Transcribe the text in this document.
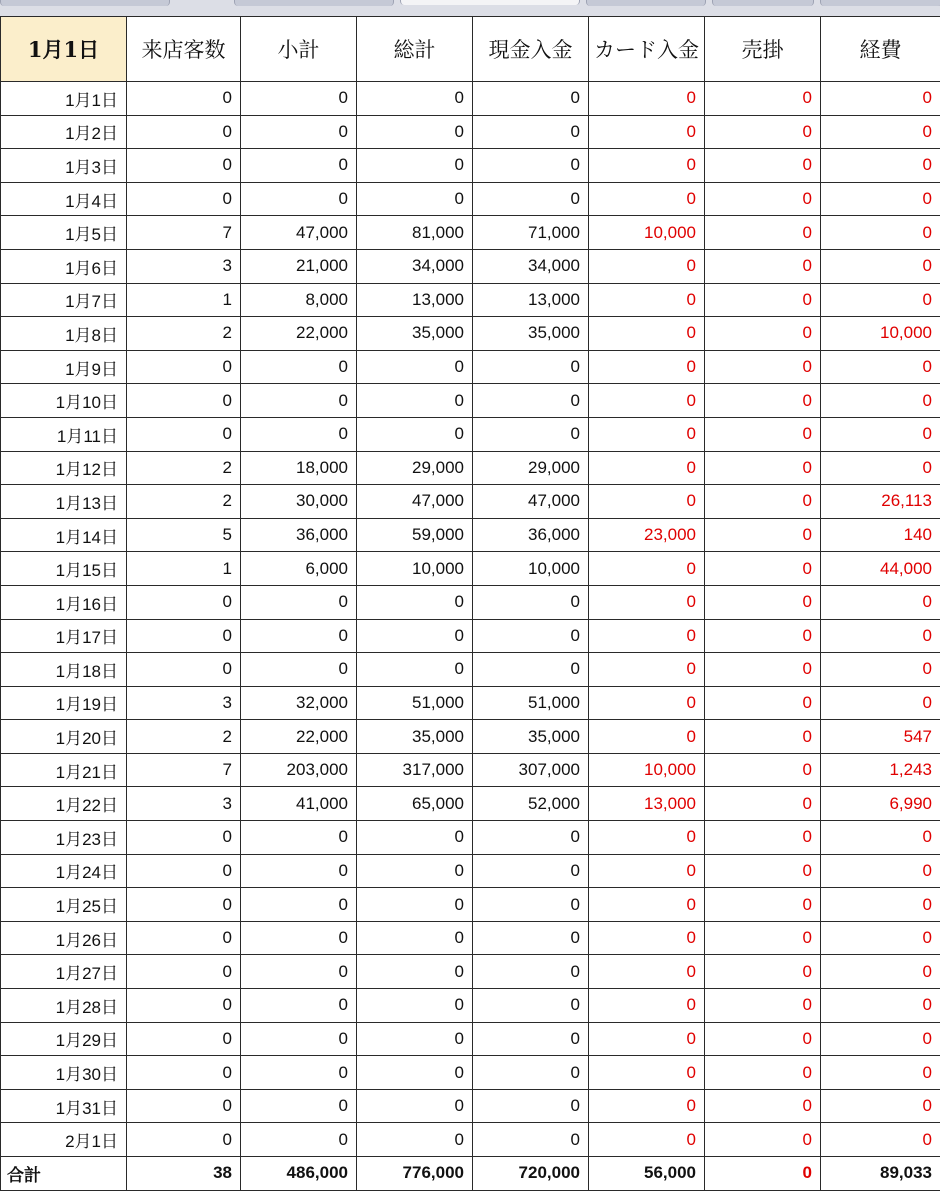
1月1日	来店客数	小計	総計	現金入金	カード入金	売掛	経費
1月1日	0	0	0	0	0	0	0
1月2日	0	0	0	0	0	0	0
1月3日	0	0	0	0	0	0	0
1月4日	0	0	0	0	0	0	0
1月5日	7	47,000	81,000	71,000	10,000	0	0
1月6日	3	21,000	34,000	34,000	0	0	0
1月7日	1	8,000	13,000	13,000	0	0	0
1月8日	2	22,000	35,000	35,000	0	0	10,000
1月9日	0	0	0	0	0	0	0
1月10日	0	0	0	0	0	0	0
1月11日	0	0	0	0	0	0	0
1月12日	2	18,000	29,000	29,000	0	0	0
1月13日	2	30,000	47,000	47,000	0	0	26,113
1月14日	5	36,000	59,000	36,000	23,000	0	140
1月15日	1	6,000	10,000	10,000	0	0	44,000
1月16日	0	0	0	0	0	0	0
1月17日	0	0	0	0	0	0	0
1月18日	0	0	0	0	0	0	0
1月19日	3	32,000	51,000	51,000	0	0	0
1月20日	2	22,000	35,000	35,000	0	0	547
1月21日	7	203,000	317,000	307,000	10,000	0	1,243
1月22日	3	41,000	65,000	52,000	13,000	0	6,990
1月23日	0	0	0	0	0	0	0
1月24日	0	0	0	0	0	0	0
1月25日	0	0	0	0	0	0	0
1月26日	0	0	0	0	0	0	0
1月27日	0	0	0	0	0	0	0
1月28日	0	0	0	0	0	0	0
1月29日	0	0	0	0	0	0	0
1月30日	0	0	0	0	0	0	0
1月31日	0	0	0	0	0	0	0
2月1日	0	0	0	0	0	0	0
合計	38	486,000	776,000	720,000	56,000	0	89,033
